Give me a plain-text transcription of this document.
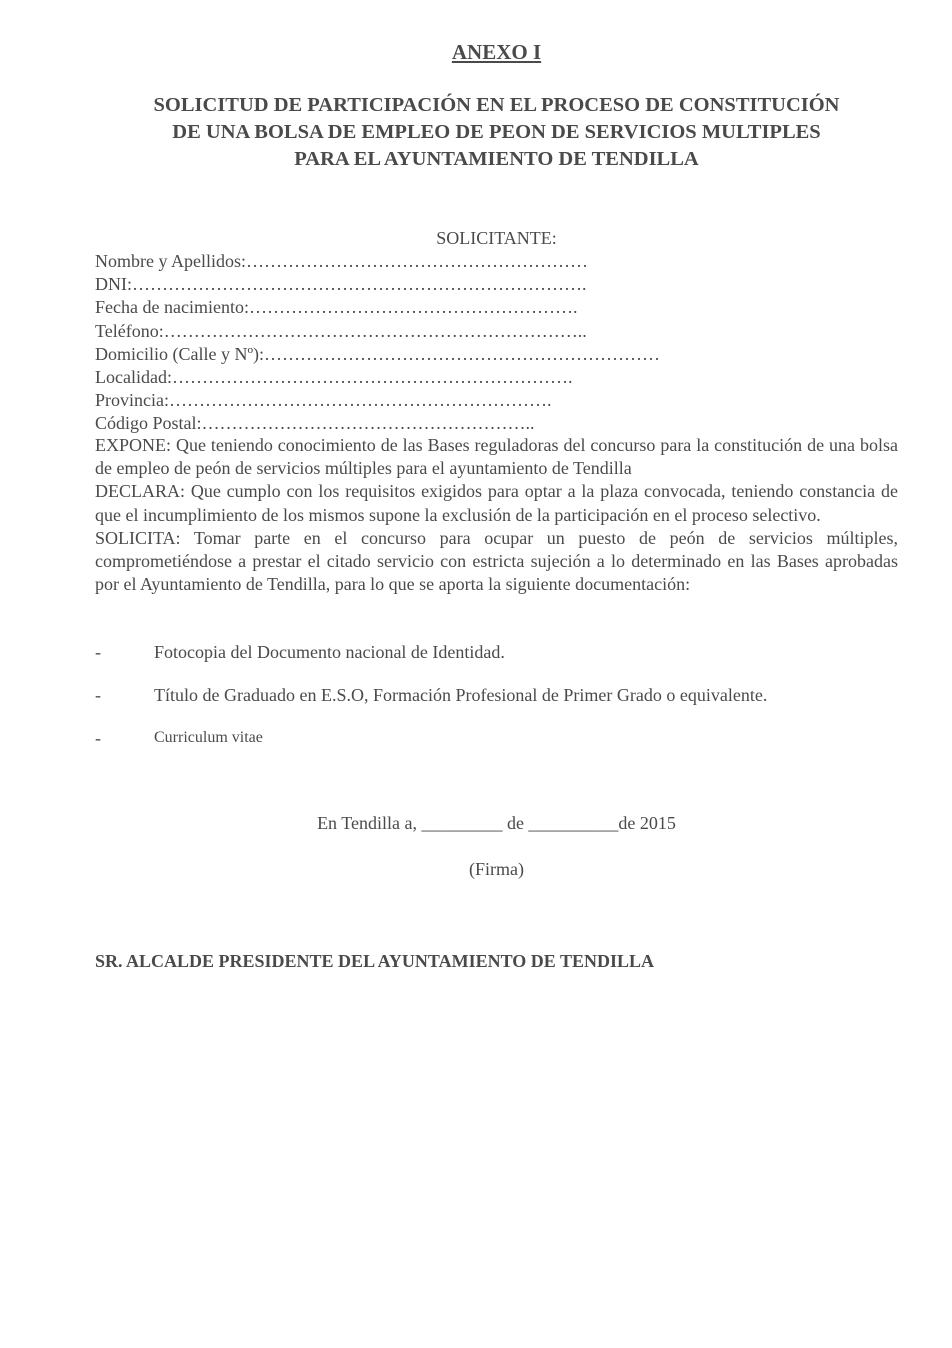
ANEXO I
SOLICITUD DE PARTICIPACIÓN EN EL PROCESO DE CONSTITUCIÓN
DE UNA BOLSA DE EMPLEO DE PEON DE SERVICIOS MULTIPLES
PARA EL AYUNTAMIENTO DE TENDILLA
SOLICITANTE:
Nombre y Apellidos:…………………………………………………
DNI:………………………………………………………………….
Fecha de nacimiento:……………………………………………….
Teléfono:……………………………………………………………..
Domicilio (Calle y Nº):…………………………………………………………
Localidad:………………………………………………………….
Provincia:……………………………………………………….
Código Postal:………………………………………………..

EXPONE: Que teniendo conocimiento de las Bases reguladoras del concurso para la constitución de una bolsa de empleo de peón de servicios múltiples para el ayuntamiento de Tendilla

DECLARA: Que cumplo con los requisitos exigidos para optar a la plaza convocada, teniendo constancia de que el incumplimiento de los mismos supone la exclusión de la participación en el proceso selectivo.

SOLICITA: Tomar parte en el concurso para ocupar un puesto de peón de servicios múltiples, comprometiéndose a prestar el citado servicio con estricta sujeción a lo determinado en las Bases aprobadas por el Ayuntamiento de Tendilla, para lo que se aporta la siguiente documentación:

-	Fotocopia del Documento nacional de Identidad.
-	Título de Graduado en E.S.O, Formación Profesional de Primer Grado o equivalente.
-	Curriculum vitae
En Tendilla a, _________ de __________de 2015
(Firma)
SR. ALCALDE PRESIDENTE DEL AYUNTAMIENTO DE TENDILLA
